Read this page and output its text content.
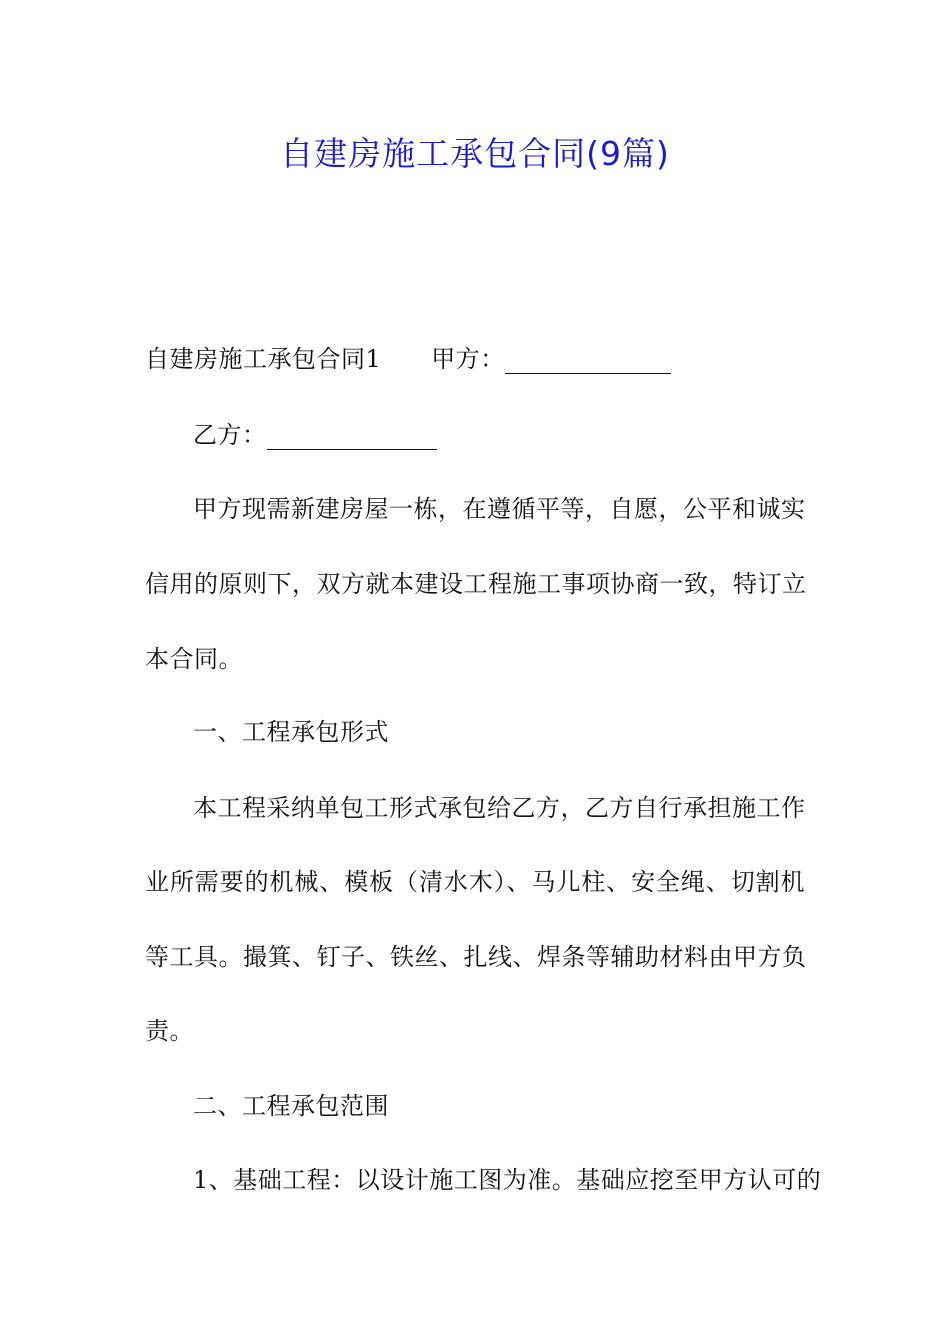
自建房施工承包合同(9篇)
自建房施工承包合同1 甲方：
乙方：
甲方现需新建房屋一栋，在遵循平等，自愿，公平和诚实
信用的原则下，双方就本建设工程施工事项协商一致，特订立
本合同。
一、工程承包形式
本工程采纳单包工形式承包给乙方，乙方自行承担施工作
业所需要的机械、模板（清水木）、马儿柱、安全绳、切割机
等工具。撮箕、钉子、铁丝、扎线、焊条等辅助材料由甲方负
责。
二、工程承包范围
1、基础工程：以设计施工图为准。基础应挖至甲方认可的
